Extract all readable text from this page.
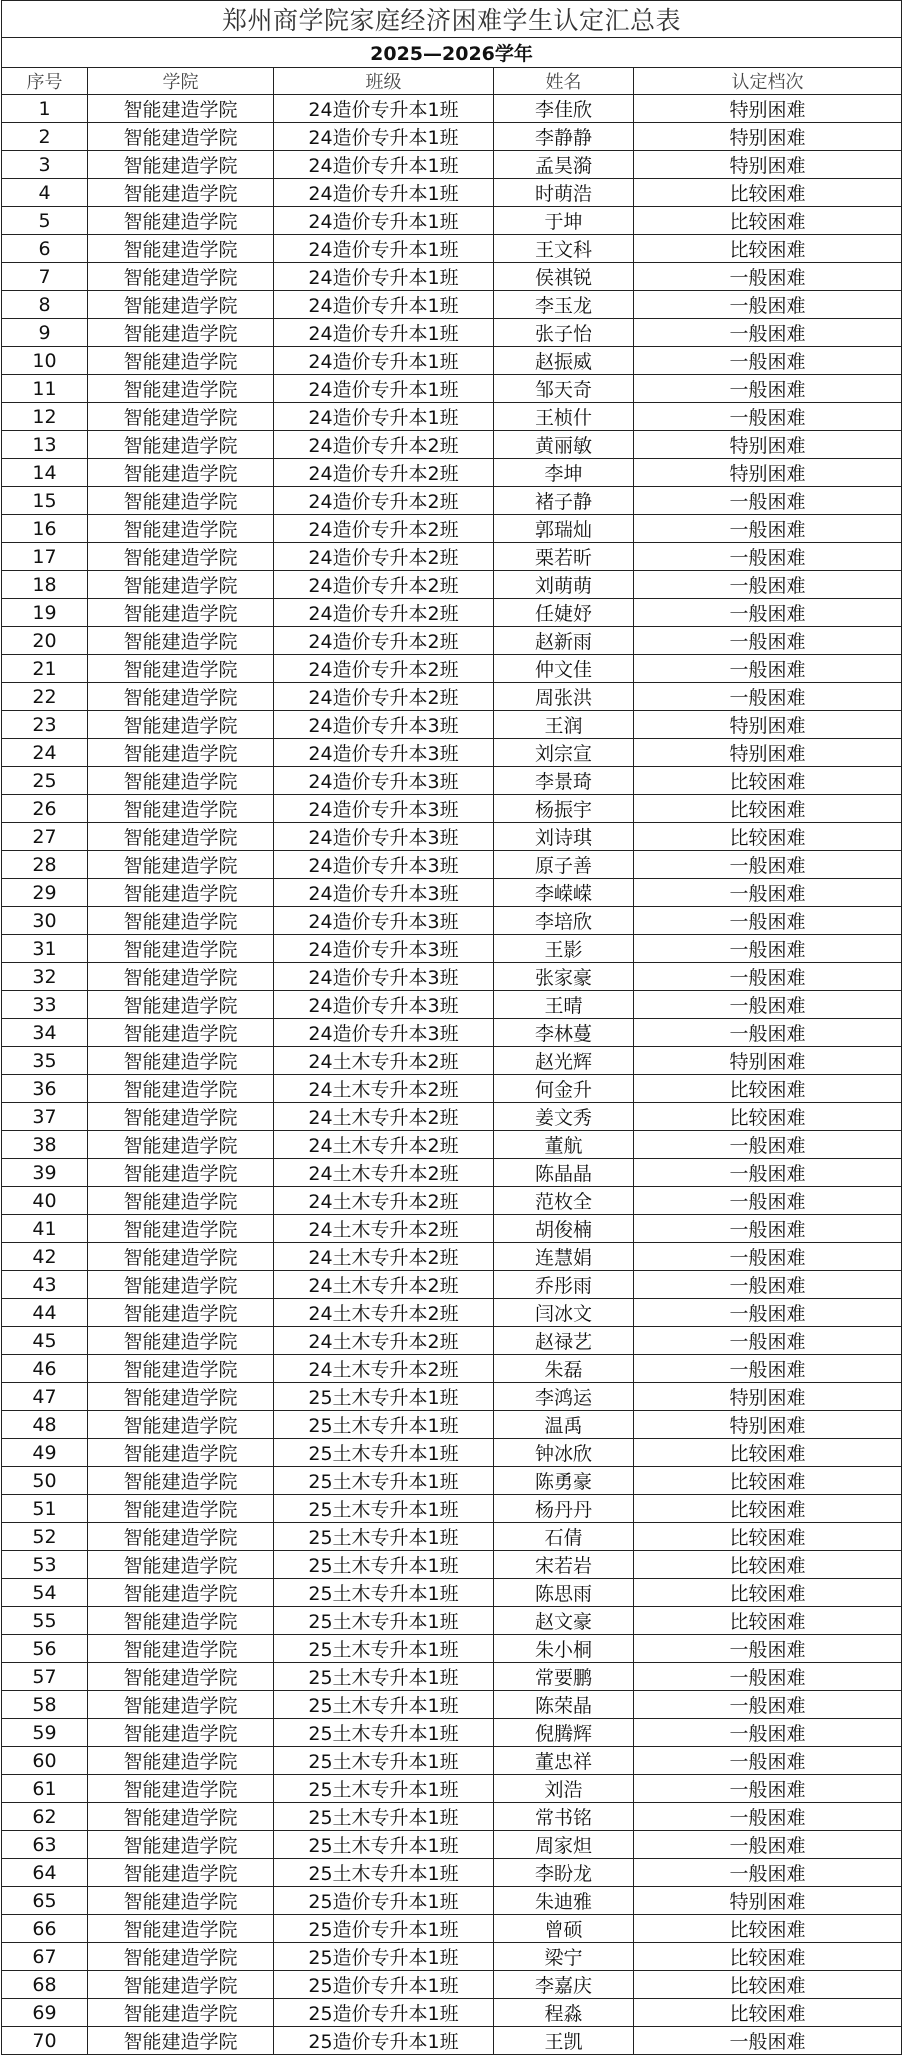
郑州商学院家庭经济困难学生认定汇总表				
2025—2026学年				
序号	学院	班级	姓名	认定档次
1	智能建造学院	24造价专升本1班	李佳欣	特别困难
2	智能建造学院	24造价专升本1班	李静静	特别困难
3	智能建造学院	24造价专升本1班	孟昊漪	特别困难
4	智能建造学院	24造价专升本1班	时萌浩	比较困难
5	智能建造学院	24造价专升本1班	于坤	比较困难
6	智能建造学院	24造价专升本1班	王文科	比较困难
7	智能建造学院	24造价专升本1班	侯祺锐	一般困难
8	智能建造学院	24造价专升本1班	李玉龙	一般困难
9	智能建造学院	24造价专升本1班	张子怡	一般困难
10	智能建造学院	24造价专升本1班	赵振威	一般困难
11	智能建造学院	24造价专升本1班	邹天奇	一般困难
12	智能建造学院	24造价专升本1班	王桢什	一般困难
13	智能建造学院	24造价专升本2班	黄丽敏	特别困难
14	智能建造学院	24造价专升本2班	李坤	特别困难
15	智能建造学院	24造价专升本2班	褚子静	一般困难
16	智能建造学院	24造价专升本2班	郭瑞灿	一般困难
17	智能建造学院	24造价专升本2班	栗若昕	一般困难
18	智能建造学院	24造价专升本2班	刘萌萌	一般困难
19	智能建造学院	24造价专升本2班	任婕妤	一般困难
20	智能建造学院	24造价专升本2班	赵新雨	一般困难
21	智能建造学院	24造价专升本2班	仲文佳	一般困难
22	智能建造学院	24造价专升本2班	周张洪	一般困难
23	智能建造学院	24造价专升本3班	王润	特别困难
24	智能建造学院	24造价专升本3班	刘宗宣	特别困难
25	智能建造学院	24造价专升本3班	李景琦	比较困难
26	智能建造学院	24造价专升本3班	杨振宇	比较困难
27	智能建造学院	24造价专升本3班	刘诗琪	比较困难
28	智能建造学院	24造价专升本3班	原子善	一般困难
29	智能建造学院	24造价专升本3班	李嵘嵘	一般困难
30	智能建造学院	24造价专升本3班	李培欣	一般困难
31	智能建造学院	24造价专升本3班	王影	一般困难
32	智能建造学院	24造价专升本3班	张家豪	一般困难
33	智能建造学院	24造价专升本3班	王晴	一般困难
34	智能建造学院	24造价专升本3班	李林蔓	一般困难
35	智能建造学院	24土木专升本2班	赵光辉	特别困难
36	智能建造学院	24土木专升本2班	何金升	比较困难
37	智能建造学院	24土木专升本2班	姜文秀	比较困难
38	智能建造学院	24土木专升本2班	董航	一般困难
39	智能建造学院	24土木专升本2班	陈晶晶	一般困难
40	智能建造学院	24土木专升本2班	范枚全	一般困难
41	智能建造学院	24土木专升本2班	胡俊楠	一般困难
42	智能建造学院	24土木专升本2班	连慧娟	一般困难
43	智能建造学院	24土木专升本2班	乔彤雨	一般困难
44	智能建造学院	24土木专升本2班	闫冰文	一般困难
45	智能建造学院	24土木专升本2班	赵禄艺	一般困难
46	智能建造学院	24土木专升本2班	朱磊	一般困难
47	智能建造学院	25土木专升本1班	李鸿运	特别困难
48	智能建造学院	25土木专升本1班	温禹	特别困难
49	智能建造学院	25土木专升本1班	钟冰欣	比较困难
50	智能建造学院	25土木专升本1班	陈勇豪	比较困难
51	智能建造学院	25土木专升本1班	杨丹丹	比较困难
52	智能建造学院	25土木专升本1班	石倩	比较困难
53	智能建造学院	25土木专升本1班	宋若岩	比较困难
54	智能建造学院	25土木专升本1班	陈思雨	比较困难
55	智能建造学院	25土木专升本1班	赵文豪	比较困难
56	智能建造学院	25土木专升本1班	朱小桐	一般困难
57	智能建造学院	25土木专升本1班	常要鹏	一般困难
58	智能建造学院	25土木专升本1班	陈荣晶	一般困难
59	智能建造学院	25土木专升本1班	倪腾辉	一般困难
60	智能建造学院	25土木专升本1班	董忠祥	一般困难
61	智能建造学院	25土木专升本1班	刘浩	一般困难
62	智能建造学院	25土木专升本1班	常书铭	一般困难
63	智能建造学院	25土木专升本1班	周家炟	一般困难
64	智能建造学院	25土木专升本1班	李盼龙	一般困难
65	智能建造学院	25造价专升本1班	朱迪雅	特别困难
66	智能建造学院	25造价专升本1班	曾硕	比较困难
67	智能建造学院	25造价专升本1班	梁宁	比较困难
68	智能建造学院	25造价专升本1班	李嘉庆	比较困难
69	智能建造学院	25造价专升本1班	程淼	比较困难
70	智能建造学院	25造价专升本1班	王凯	一般困难
